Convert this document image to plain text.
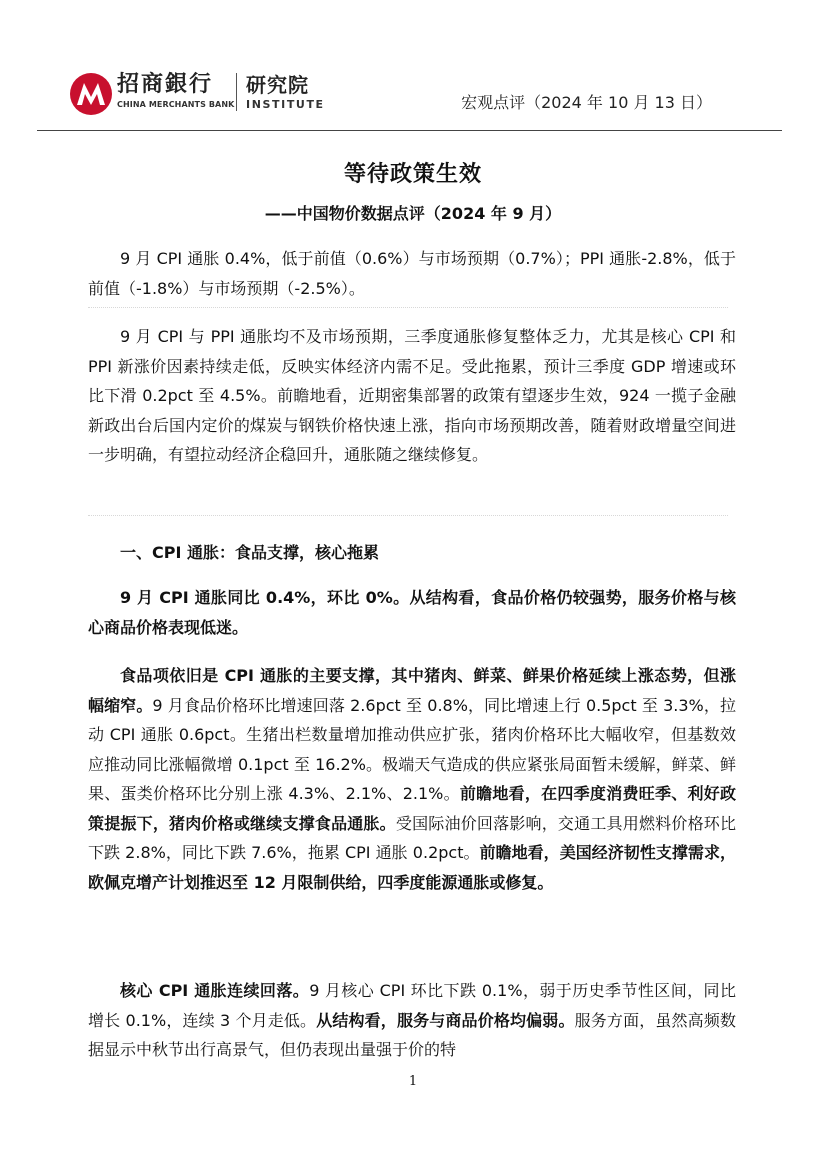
招商銀行
CHINA MERCHANTS BANK
研究院
INSTITUTE	宏观点评（2024 年 10 月 13 日）
等待政策生效
——中国物价数据点评（2024 年 9 月）

9 月 CPI 通胀 0.4%，低于前值（0.6%）与市场预期（0.7%）；PPI 通胀-2.8%，低于前值（-1.8%）与市场预期（-2.5%）。

9 月 CPI 与 PPI 通胀均不及市场预期，三季度通胀修复整体乏力，尤其是核心 CPI 和 PPI 新涨价因素持续走低，反映实体经济内需不足。受此拖累，预计三季度 GDP 增速或环比下滑 0.2pct 至 4.5%。前瞻地看，近期密集部署的政策有望逐步生效，924 一揽子金融新政出台后国内定价的煤炭与钢铁价格快速上涨，指向市场预期改善，随着财政增量空间进一步明确，有望拉动经济企稳回升，通胀随之继续修复。

一、CPI 通胀：食品支撑，核心拖累

9 月 CPI 通胀同比 0.4%，环比 0%。从结构看，食品价格仍较强势，服务价格与核心商品价格表现低迷。

食品项依旧是 CPI 通胀的主要支撑，其中猪肉、鲜菜、鲜果价格延续上涨态势，但涨幅缩窄。9 月食品价格环比增速回落 2.6pct 至 0.8%，同比增速上行 0.5pct 至 3.3%，拉动 CPI 通胀 0.6pct。生猪出栏数量增加推动供应扩张，猪肉价格环比大幅收窄，但基数效应推动同比涨幅微增 0.1pct 至 16.2%。极端天气造成的供应紧张局面暂未缓解，鲜菜、鲜果、蛋类价格环比分别上涨 4.3%、2.1%、2.1%。前瞻地看，在四季度消费旺季、利好政策提振下，猪肉价格或继续支撑食品通胀。受国际油价回落影响，交通工具用燃料价格环比下跌 2.8%，同比下跌 7.6%，拖累 CPI 通胀 0.2pct。前瞻地看，美国经济韧性支撑需求，欧佩克增产计划推迟至 12 月限制供给，四季度能源通胀或修复。

核心 CPI 通胀连续回落。9 月核心 CPI 环比下跌 0.1%，弱于历史季节性区间，同比增长 0.1%，连续 3 个月走低。从结构看，服务与商品价格均偏弱。服务方面，虽然高频数据显示中秋节出行高景气，但仍表现出量强于价的特

1
